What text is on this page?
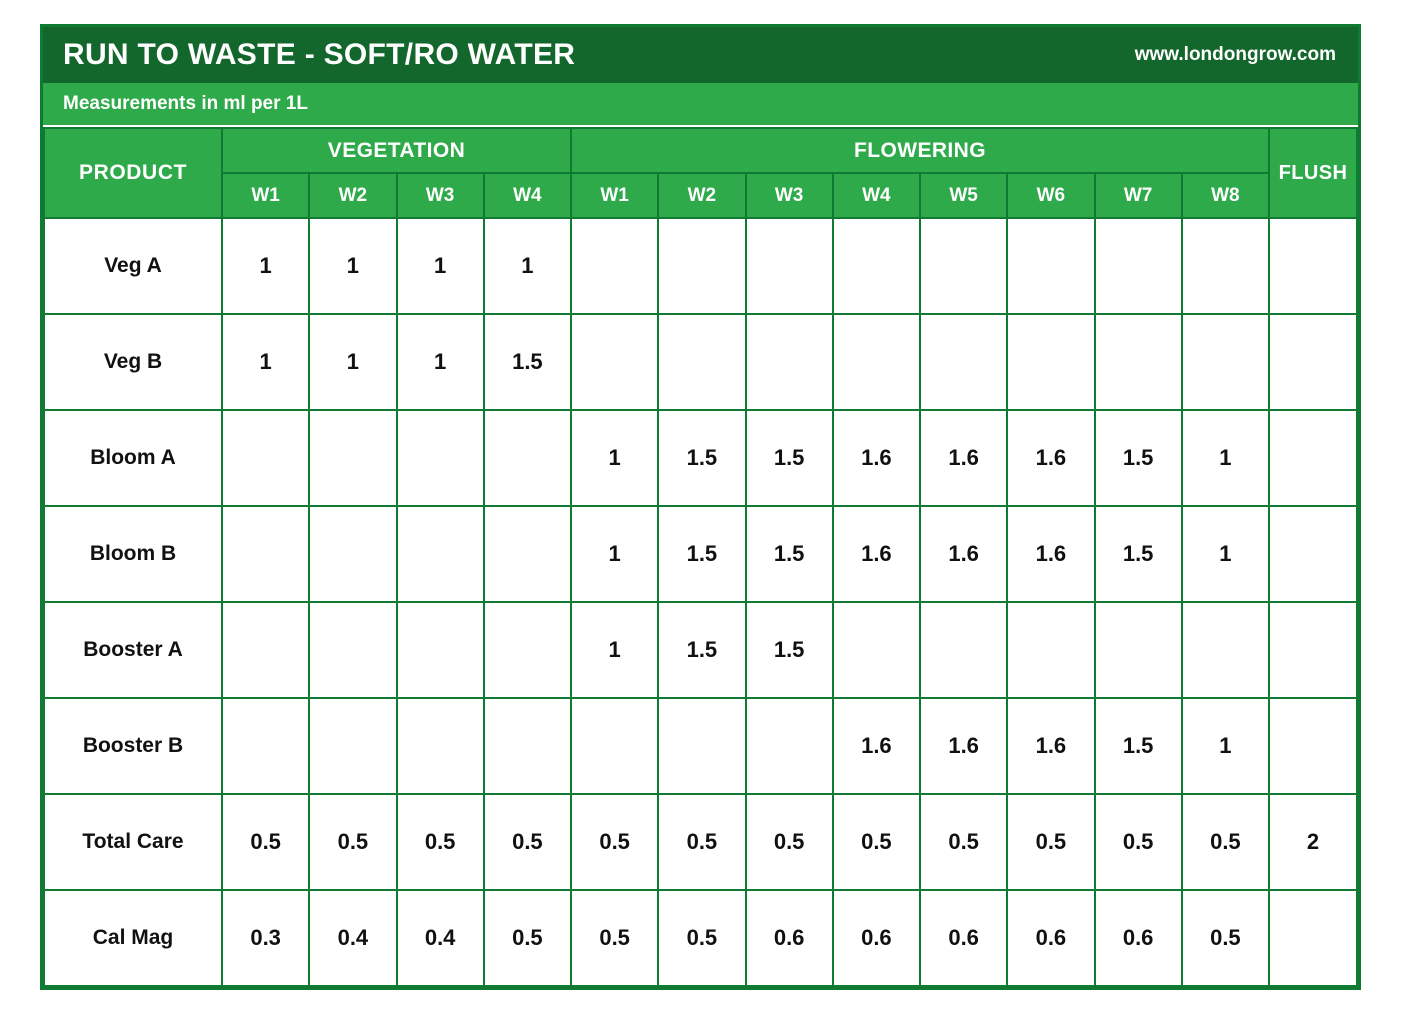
RUN TO WASTE - SOFT/RO WATER	www.londongrow.com
Measurements in ml per 1L
PRODUCT	VEGETATION				FLOWERING								FLUSH
	W1	W2	W3	W4	W1	W2	W3	W4	W5	W6	W7	W8	
Veg A	1	1	1	1									
Veg B	1	1	1	1.5									
Bloom A					1	1.5	1.5	1.6	1.6	1.6	1.5	1	
Bloom B					1	1.5	1.5	1.6	1.6	1.6	1.5	1	
Booster A					1	1.5	1.5						
Booster B								1.6	1.6	1.6	1.5	1	
Total Care	0.5	0.5	0.5	0.5	0.5	0.5	0.5	0.5	0.5	0.5	0.5	0.5	2
Cal Mag	0.3	0.4	0.4	0.5	0.5	0.5	0.6	0.6	0.6	0.6	0.6	0.5	
